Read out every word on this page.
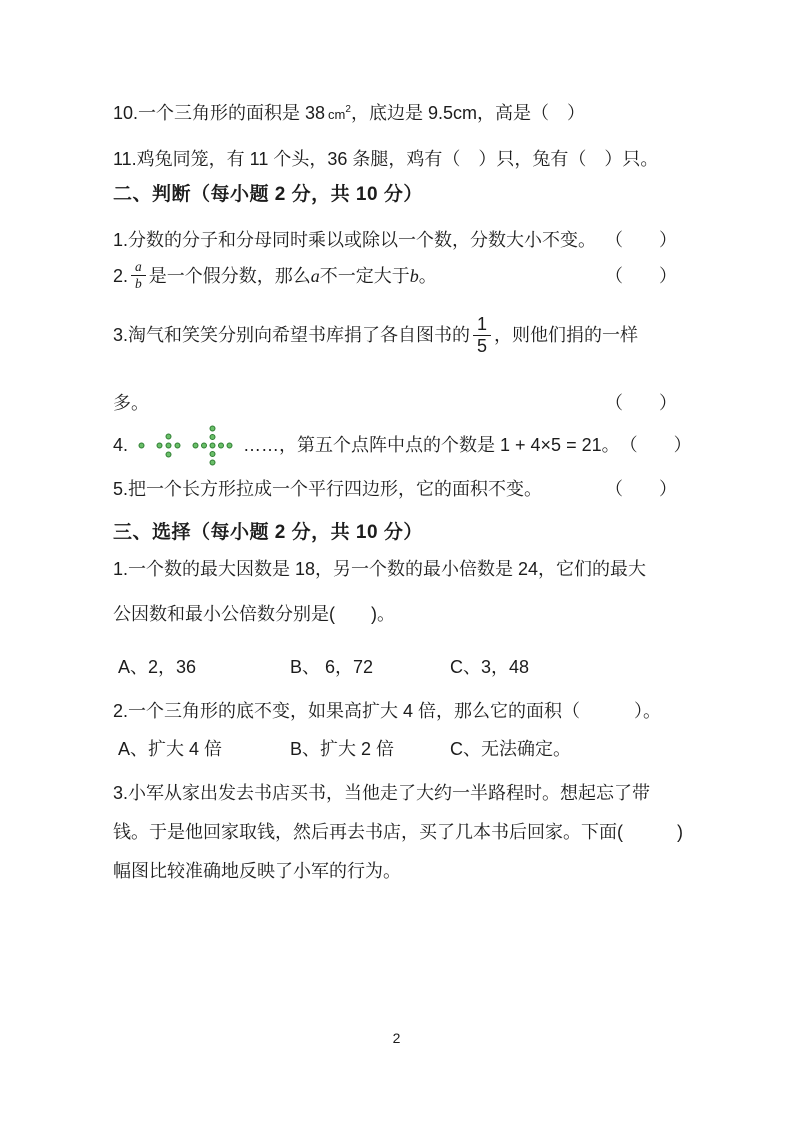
10.一个三角形的面积是 38 $cm^2$，底边是 9.5cm，高是（　）
11.鸡兔同笼，有 11 个头，36 条腿，鸡有（　）只，兔有（　）只。
二、判断（每小题 2 分，共 10 分）
1.分数的分子和分母同时乘以或除以一个数，分数大小不变。 （　　）
2. $\frac{a}{b}$ 是一个假分数，那么 a 不一定大于 b 。	（　　）
3.淘气和笑笑分别向希望书库捐了各自图书的 $\frac{1}{5}$ ，则他们捐的一样
多。	（　　）
4.	……，第五个点阵中点的个数是 1 + 4×5 = 21。 （　　）
5.把一个长方形拉成一个平行四边形，它的面积不变。	（　　）
三、选择（每小题 2 分，共 10 分）
1.一个数的最大因数是 18，另一个数的最小倍数是 24，它们的最大
公因数和最小公倍数分别是(　　)。
A、2，36	B、 6，72	C、3，48
2.一个三角形的底不变，如果高扩大 4 倍，那么它的面积（　　　）。
A、扩大 4 倍	B、扩大 2 倍	C、无法确定。
3.小军从家出发去书店买书，当他走了大约一半路程时。想起忘了带
钱。于是他回家取钱，然后再去书店，买了几本书后回家。下面(　　　)
幅图比较准确地反映了小军的行为。
2
